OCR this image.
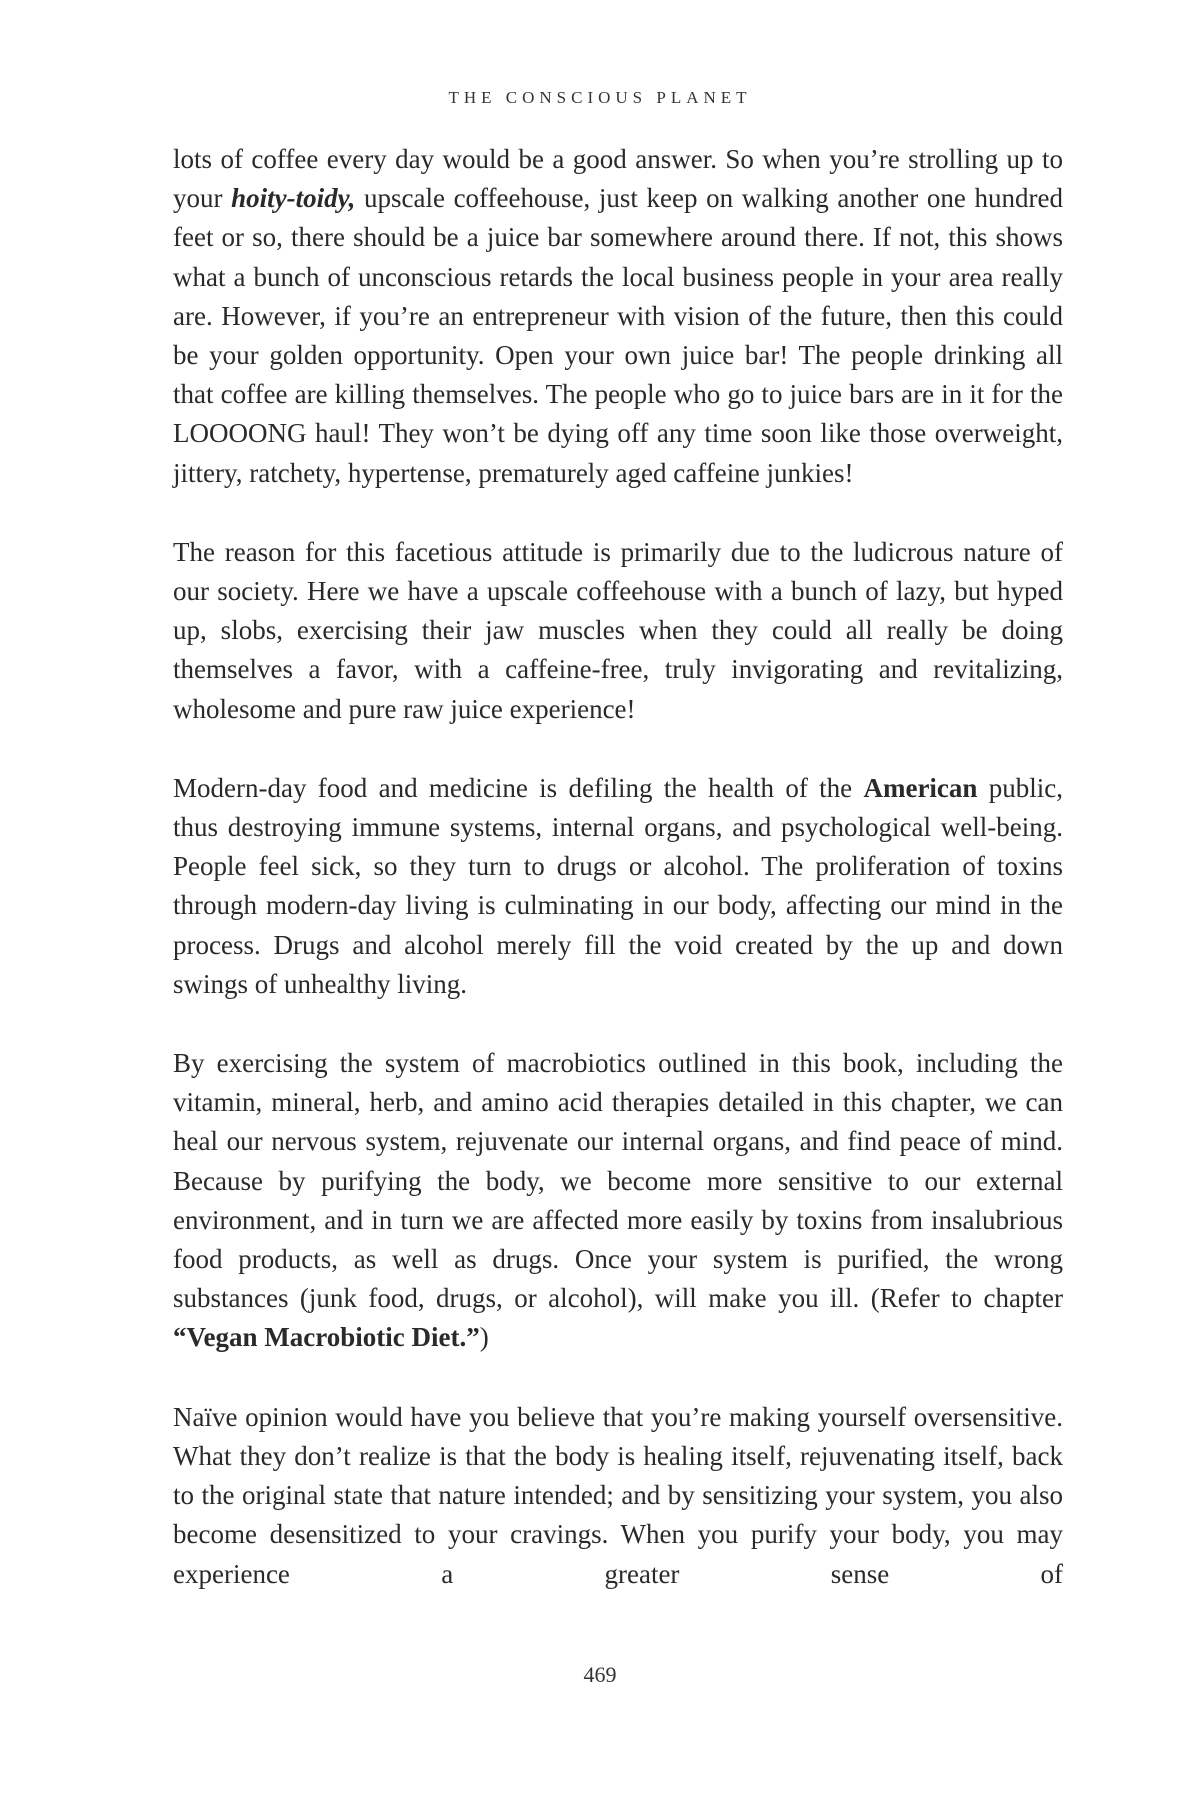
THE CONSCIOUS PLANET

lots of coffee every day would be a good answer. So when you’re strolling up to your hoity-toidy, upscale coffeehouse, just keep on walking another one hundred feet or so, there should be a juice bar somewhere around there. If not, this shows what a bunch of unconscious retards the local business people in your area really are. However, if you’re an entrepreneur with vision of the future, then this could be your golden opportunity. Open your own juice bar! The people drinking all that coffee are killing themselves. The people who go to juice bars are in it for the LOOOONG haul! They won’t be dying off any time soon like those overweight, jittery, ratchety, hypertense, prematurely aged caffeine junkies!

The reason for this facetious attitude is primarily due to the ludicrous nature of our society. Here we have a upscale coffeehouse with a bunch of lazy, but hyped up, slobs, exercising their jaw muscles when they could all really be doing themselves a favor, with a caffeine-free, truly invigorating and revitalizing, wholesome and pure raw juice experience!

Modern-day food and medicine is defiling the health of the American public, thus destroying immune systems, internal organs, and psychological well-being. People feel sick, so they turn to drugs or alcohol. The proliferation of toxins through modern-day living is culminating in our body, affecting our mind in the process. Drugs and alcohol merely fill the void created by the up and down swings of unhealthy living.

By exercising the system of macrobiotics outlined in this book, including the vitamin, mineral, herb, and amino acid therapies detailed in this chapter, we can heal our nervous system, rejuvenate our internal organs, and find peace of mind. Because by purifying the body, we become more sensitive to our external environment, and in turn we are affected more easily by toxins from insalubrious food products, as well as drugs. Once your system is purified, the wrong substances (junk food, drugs, or alcohol), will make you ill. (Refer to chapter “Vegan Macrobiotic Diet.”)

Naïve opinion would have you believe that you’re making yourself oversensitive. What they don’t realize is that the body is healing itself, rejuvenating itself, back to the original state that nature intended; and by sensitizing your system, you also become desensitized to your cravings. When you purify your body, you may experience a greater sense of

469
